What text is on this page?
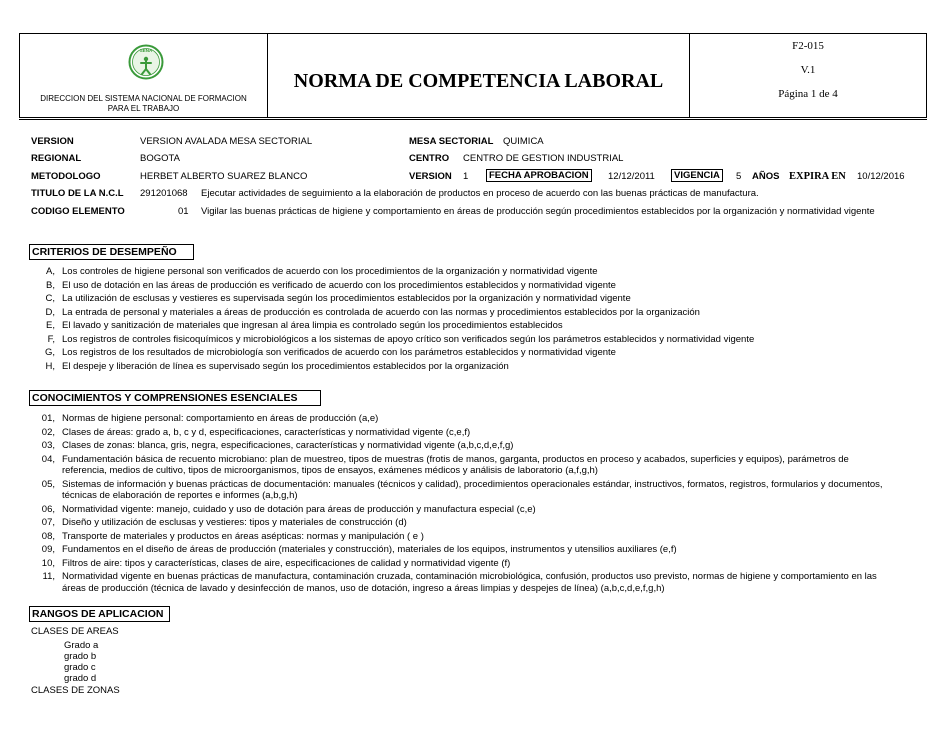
SENA
DIRECCION DEL SISTEMA NACIONAL DE FORMACION
PARA EL TRABAJO
NORMA DE COMPETENCIA LABORAL
F2-015
V.1
Página 1 de 4
VERSION	VERSION AVALADA MESA SECTORIAL	MESA SECTORIAL QUIMICA
REGIONAL	BOGOTA	CENTRO CENTRO DE GESTION INDUSTRIAL
METODOLOGO	HERBET ALBERTO SUAREZ BLANCO	VERSION 1	FECHA APROBACION	12/12/2011	VIGENCIA	5 AÑOS EXPIRA EN 10/12/2016
TITULO DE LA N.C.L 291201068 Ejecutar actividades de seguimiento a la elaboración de productos en proceso de acuerdo con las buenas prácticas de manufactura.
CODIGO ELEMENTO	01 Vigilar las buenas prácticas de higiene y comportamiento en áreas de producción según procedimientos establecidos por la organización y normatividad vigente
CRITERIOS DE DESEMPEÑO
A, Los controles de higiene personal son verificados de acuerdo con los procedimientos de la organización y normatividad vigente
B, El uso de dotación en las áreas de producción es verificado de acuerdo con los procedimientos establecidos y normatividad vigente
C, La utilización de esclusas y vestieres es supervisada según los procedimientos establecidos por la organización y normatividad vigente
D, La entrada de personal y materiales a áreas de producción es controlada de acuerdo con las normas y procedimientos establecidos por la organización
E, El lavado y sanitización de materiales que ingresan al área limpia es controlado según los procedimientos establecidos
F, Los registros de controles fisicoquímicos y microbiológicos a los sistemas de apoyo crítico son verificados según los parámetros establecidos y normatividad vigente
G, Los registros de los resultados de microbiología son verificados de acuerdo con los parámetros establecidos y normatividad vigente
H, El despeje y liberación de línea es supervisado según los procedimientos establecidos por la organización
CONOCIMIENTOS Y COMPRENSIONES ESENCIALES
01, Normas de higiene personal: comportamiento en áreas de producción (a,e)
02, Clases de áreas: grado a, b, c y d, especificaciones, características y normatividad vigente (c,e,f)
03, Clases de zonas: blanca, gris, negra, especificaciones, características y normatividad vigente (a,b,c,d,e,f,g)
04, Fundamentación básica de recuento microbiano: plan de muestreo, tipos de muestras (frotis de manos, garganta, productos en proceso y acabados, superficies y equipos), parámetros de referencia, medios de cultivo, tipos de microorganismos, tipos de ensayos, exámenes médicos y análisis de laboratorio (a,f,g,h)
05, Sistemas de información y buenas prácticas de documentación: manuales (técnicos y calidad), procedimientos operacionales estándar, instructivos, formatos, registros, formularios y documentos, técnicas de elaboración de reportes e informes (a,b,g,h)
06, Normatividad vigente: manejo, cuidado y uso de dotación para áreas de producción y manufactura especial (c,e)
07, Diseño y utilización de esclusas y vestieres: tipos y materiales de construcción (d)
08, Transporte de materiales y productos en áreas asépticas: normas y manipulación ( e )
09, Fundamentos en el diseño de áreas de producción (materiales y construcción), materiales de los equipos, instrumentos y utensilios auxiliares (e,f)
10, Filtros de aire: tipos y características, clases de aire, especificaciones de calidad y normatividad vigente (f)
11, Normatividad vigente en buenas prácticas de manufactura, contaminación cruzada, contaminación microbiológica, confusión, productos uso previsto, normas de higiene y comportamiento en las áreas de producción (técnica de lavado y desinfección de manos, uso de dotación, ingreso a áreas limpias y despejes de línea) (a,b,c,d,e,f,g,h)
RANGOS DE APLICACION
CLASES DE AREAS
Grado a
grado b
grado c
grado d
CLASES DE ZONAS
